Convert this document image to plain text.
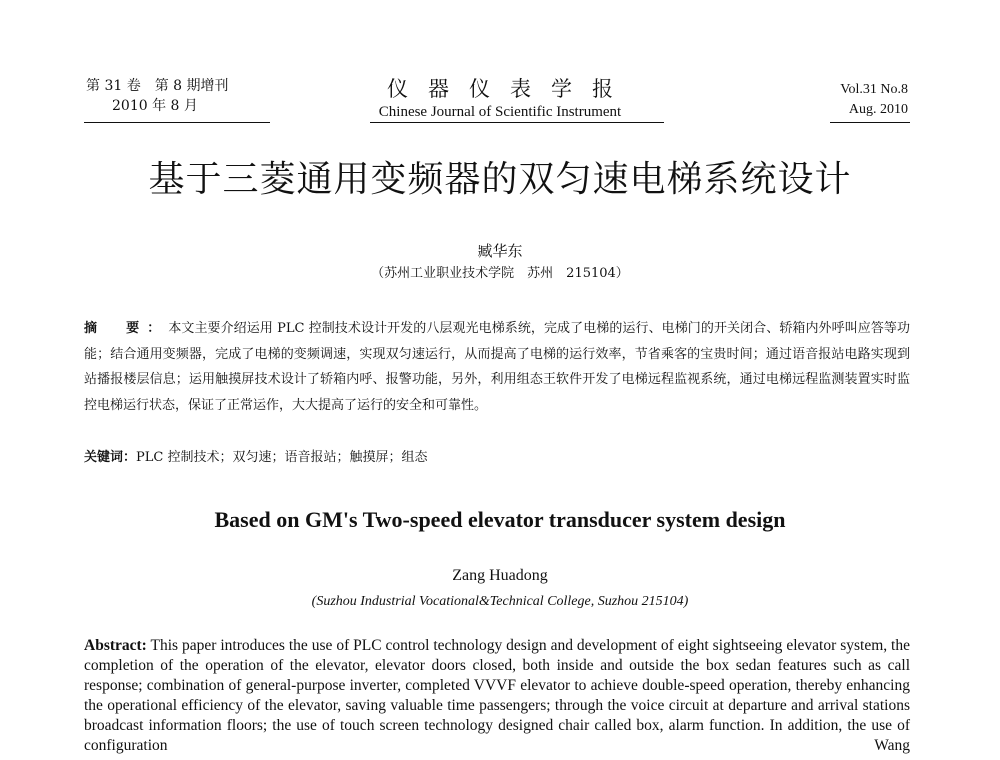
第 31 卷　第 8 期增刊
2010 年 8 月
仪器仪表学报
Chinese Journal of Scientific Instrument
Vol.31 No.8
Aug. 2010
基于三菱通用变频器的双匀速电梯系统设计
臧华东
（苏州工业职业技术学院　苏州　215104）
摘　要：本文主要介绍运用 PLC 控制技术设计开发的八层观光电梯系统，完成了电梯的运行、电梯门的开关闭合、轿箱内外呼叫应答等功能；结合通用变频器，完成了电梯的变频调速，实现双匀速运行，从而提高了电梯的运行效率，节省乘客的宝贵时间；通过语音报站电路实现到站播报楼层信息；运用触摸屏技术设计了轿箱内呼、报警功能，另外，利用组态王软件开发了电梯远程监视系统，通过电梯远程监测装置实时监控电梯运行状态，保证了正常运作，大大提高了运行的安全和可靠性。
关键词：PLC 控制技术；双匀速；语音报站；触摸屏；组态
Based on GM's Two-speed elevator transducer system design
Zang Huadong
(Suzhou Industrial Vocational&Technical College, Suzhou 215104)
Abstract: This paper introduces the use of PLC control technology design and development of eight sightseeing elevator system, the completion of the operation of the elevator, elevator doors closed, both inside and outside the box sedan features such as call response; combination of general-purpose inverter, completed VVVF elevator to achieve double-speed operation, thereby enhancing the operational efficiency of the elevator, saving valuable time passengers; through the voice circuit at departure and arrival stations broadcast information floors; the use of touch screen technology designed chair called box, alarm function. In addition, the use of configuration Wang
